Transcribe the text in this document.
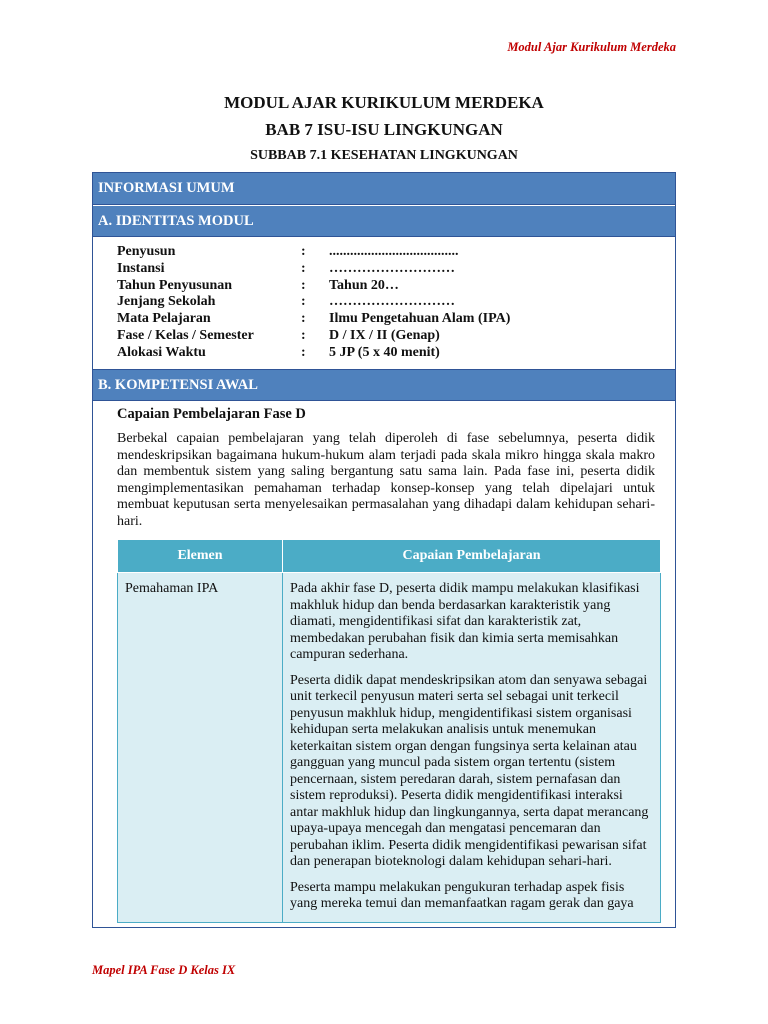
Modul Ajar Kurikulum Merdeka
MODUL AJAR KURIKULUM MERDEKA
BAB 7 ISU-ISU LINGKUNGAN
SUBBAB 7.1 KESEHATAN LINGKUNGAN
INFORMASI UMUM
A. IDENTITAS MODUL
Penyusun	:	.....................................
Instansi	:	………………………
Tahun Penyusunan	:	Tahun 20…
Jenjang Sekolah	:	………………………
Mata Pelajaran	:	Ilmu Pengetahuan Alam (IPA)
Fase / Kelas / Semester	:	D / IX / II (Genap)
Alokasi Waktu	:	5 JP (5 x 40 menit)
B. KOMPETENSI AWAL
Capaian Pembelajaran Fase D
Berbekal capaian pembelajaran yang telah diperoleh di fase sebelumnya, peserta didik mendeskripsikan bagaimana hukum-hukum alam terjadi pada skala mikro hingga skala makro dan membentuk sistem yang saling bergantung satu sama lain. Pada fase ini, peserta didik mengimplementasikan pemahaman terhadap konsep-konsep yang telah dipelajari untuk membuat keputusan serta menyelesaikan permasalahan yang dihadapi dalam kehidupan sehari-hari.
Elemen	Capaian Pembelajaran
Pemahaman IPA	Pada akhir fase D, peserta didik mampu melakukan klasifikasi makhluk hidup dan benda berdasarkan karakteristik yang diamati, mengidentifikasi sifat dan karakteristik zat, membedakan perubahan fisik dan kimia serta memisahkan campuran sederhana.

Peserta didik dapat mendeskripsikan atom dan senyawa sebagai unit terkecil penyusun materi serta sel sebagai unit terkecil penyusun makhluk hidup, mengidentifikasi sistem organisasi kehidupan serta melakukan analisis untuk menemukan keterkaitan sistem organ dengan fungsinya serta kelainan atau gangguan yang muncul pada sistem organ tertentu (sistem pencernaan, sistem peredaran darah, sistem pernafasan dan sistem reproduksi). Peserta didik mengidentifikasi interaksi antar makhluk hidup dan lingkungannya, serta dapat merancang upaya-upaya mencegah dan mengatasi pencemaran dan perubahan iklim. Peserta didik mengidentifikasi pewarisan sifat dan penerapan bioteknologi dalam kehidupan sehari-hari.

Peserta mampu melakukan pengukuran terhadap aspek fisis yang mereka temui dan memanfaatkan ragam gerak dan gaya

Mapel IPA Fase D Kelas IX
